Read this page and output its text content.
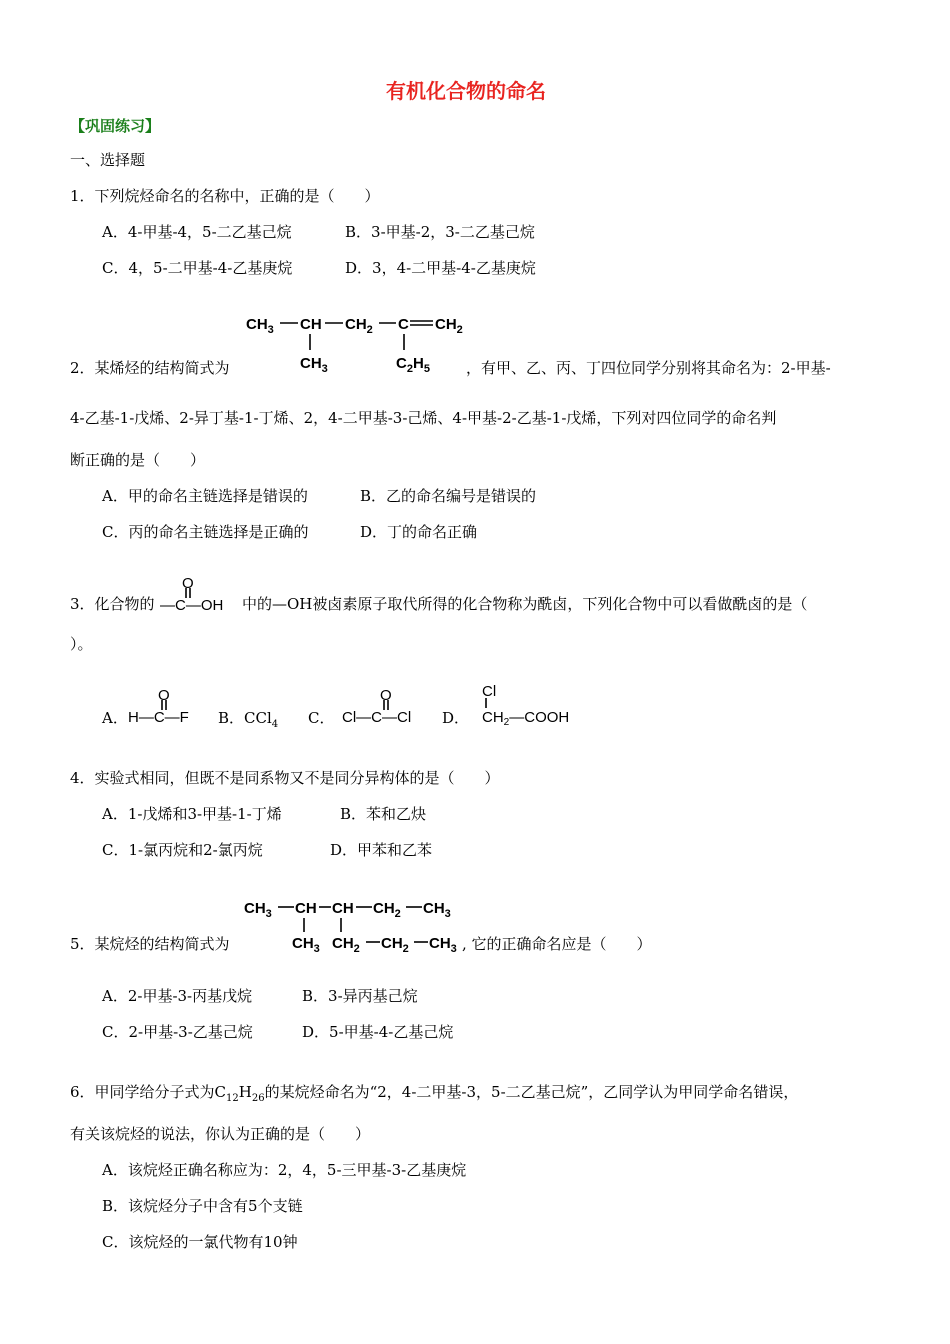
有机化合物的命名
【巩固练习】
一、选择题
1．下列烷烃命名的名称中，正确的是（　　）
A．4-甲基-4，5-二乙基己烷	B．3-甲基-2，3-二乙基己烷
C．4，5-二甲基-4-乙基庚烷	D．3，4-二甲基-4-乙基庚烷
$CH_3$ CH $CH_2$ C $CH_2$
$CH_3$	$C_2H_5$
2．某烯烃的结构简式为	，有甲、乙、丙、丁四位同学分别将其命名为：2-甲基-
4-乙基-1-戊烯、2-异丁基-1-丁烯、2，4-二甲基-3-己烯、4-甲基-2-乙基-1-戊烯，下列对四位同学的命名判
断正确的是（　　）
A．甲的命名主链选择是错误的	B．乙的命名编号是错误的
C．丙的命名主链选择是正确的	D．丁的命名正确
3．化合物的
O
—C—OH 中的—OH被卤素原子取代所得的化合物称为酰卤，下列化合物中可以看做酰卤的是（
）。
A．
O
H—C—F B．CCl$_4$ C．
O
Cl—C—Cl D．
Cl
$CH_2—COOH$
4．实验式相同，但既不是同系物又不是同分异构体的是（　　）
A．1-戊烯和3-甲基-1-丁烯	B．苯和乙炔
C．1-氯丙烷和2-氯丙烷	D．甲苯和乙苯
$CH_3$ CH CH $CH_2$ $CH_3$
$CH_3$ $CH_2$ $CH_2$ $CH_3$
5．某烷烃的结构简式为	, 它的正确命名应是（　　）
A．2-甲基-3-丙基戊烷	B．3-异丙基己烷
C．2-甲基-3-乙基己烷	D．5-甲基-4-乙基己烷
6．甲同学给分子式为$C_{12}H_{26}$的某烷烃命名为“2，4-二甲基-3，5-二乙基己烷”，乙同学认为甲同学命名错误，
有关该烷烃的说法，你认为正确的是（　　）
A．该烷烃正确名称应为：2，4，5-三甲基-3-乙基庚烷
B．该烷烃分子中含有5个支链
C．该烷烃的一氯代物有10钟
